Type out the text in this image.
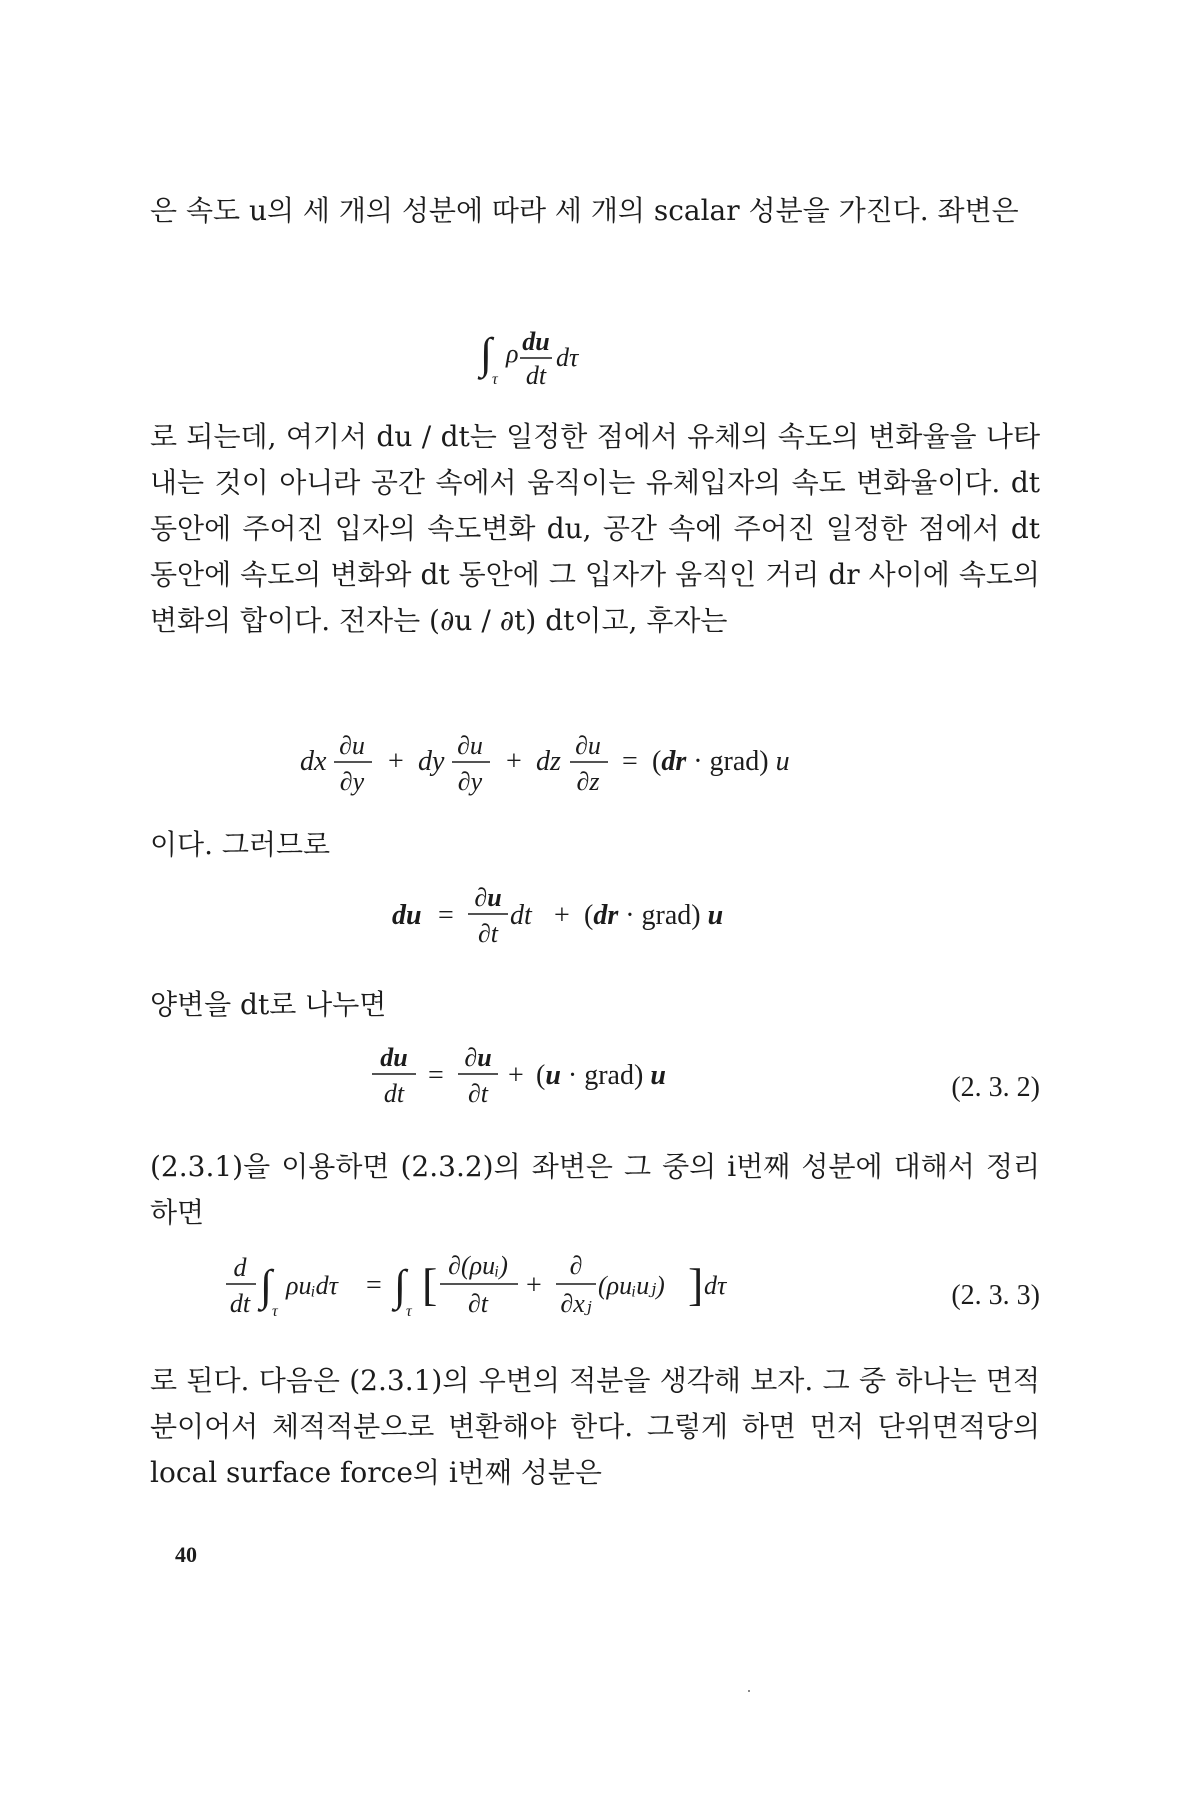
은 속도 u의 세 개의 성분에 따라 세 개의 scalar 성분을 가진다. 좌변은
∫
τ
ρ du
dt
dτ
로 되는데, 여기서 du / dt는 일정한 점에서 유체의 속도의 변화율을 나타내는 것이 아니라 공간 속에서 움직이는 유체입자의 속도 변화율이다. dt 동안에 주어진 입자의 속도변화 du, 공간 속에 주어진 일정한 점에서 dt 동안에 속도의 변화와 dt 동안에 그 입자가 움직인 거리 dr 사이에 속도의 변화의 합이다. 전자는 (∂u / ∂t) dt이고, 후자는
dx
∂u
∂y
+ dy
∂u
∂y
+ dz
∂u
∂z
= (dr · grad) u
이다. 그러므로
du =
∂u
∂t
dt + (dr · grad) u
양변을 dt로 나누면
du
dt
=
∂u
∂t
+ (u · grad) u	(2. 3. 2)
(2.3.1)을 이용하면 (2.3.2)의 좌변은 그 중의 i번째 성분에 대해서 정리하면
d
dt ∫
τ
ρuᵢdτ = ∫
τ
[ ∂(ρuᵢ)
∂t
+
∂
∂xⱼ
(ρuᵢuⱼ) ] dτ	(2. 3. 3)
로 된다. 다음은 (2.3.1)의 우변의 적분을 생각해 보자. 그 중 하나는 면적분이어서 체적적분으로 변환해야 한다. 그렇게 하면 먼저 단위면적당의 local surface force의 i번째 성분은
40
